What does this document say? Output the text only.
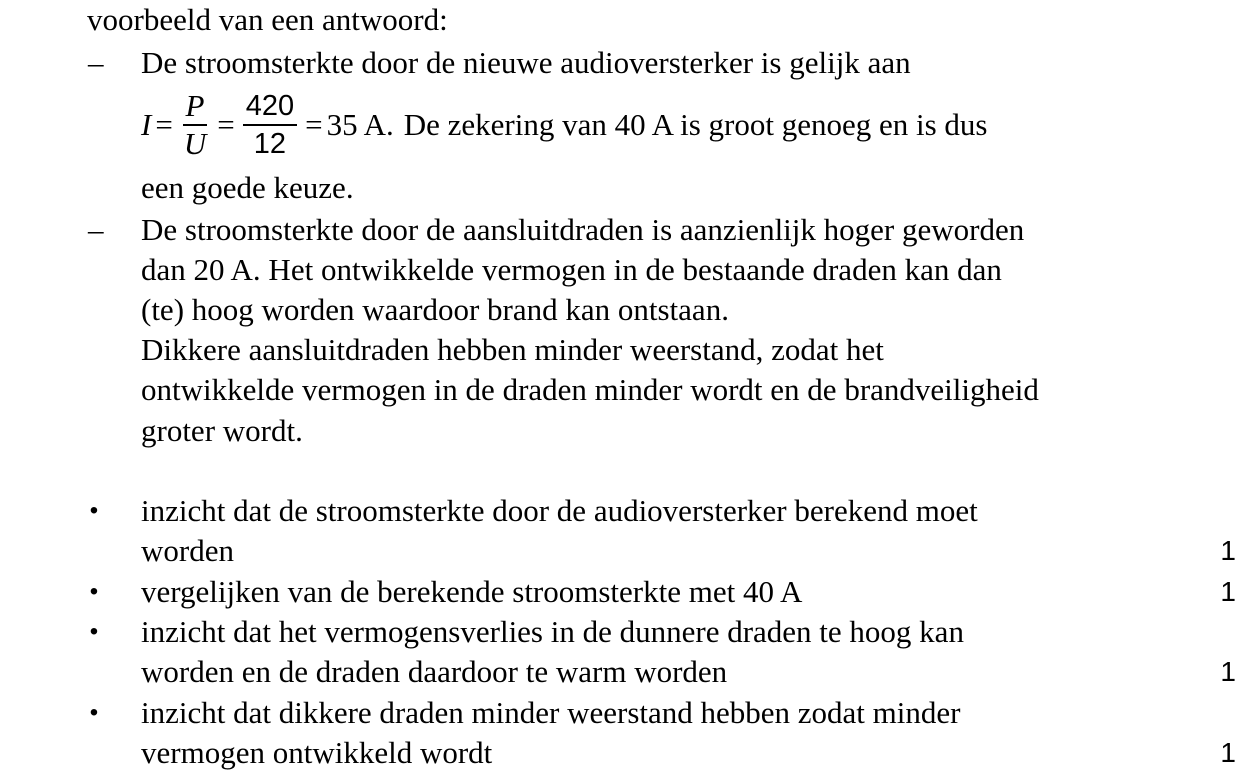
voorbeeld van een antwoord:
–	De stroomsterkte door de nieuwe audioversterker is gelijk aan
$I = \frac{P}{U} = \frac{420}{12} = 35$ A. De zekering van 40 A is groot genoeg en is dus
een goede keuze.
–	De stroomsterkte door de aansluitdraden is aanzienlijk hoger geworden
dan 20 A. Het ontwikkelde vermogen in de bestaande draden kan dan
(te) hoog worden waardoor brand kan ontstaan.
Dikkere aansluitdraden hebben minder weerstand, zodat het
ontwikkelde vermogen in de draden minder wordt en de brandveiligheid
groter wordt.
• inzicht dat de stroomsterkte door de audioversterker berekend moet
worden	1
• vergelijken van de berekende stroomsterkte met 40 A	1
• inzicht dat het vermogensverlies in de dunnere draden te hoog kan
worden en de draden daardoor te warm worden	1
• inzicht dat dikkere draden minder weerstand hebben zodat minder
vermogen ontwikkeld wordt	1
